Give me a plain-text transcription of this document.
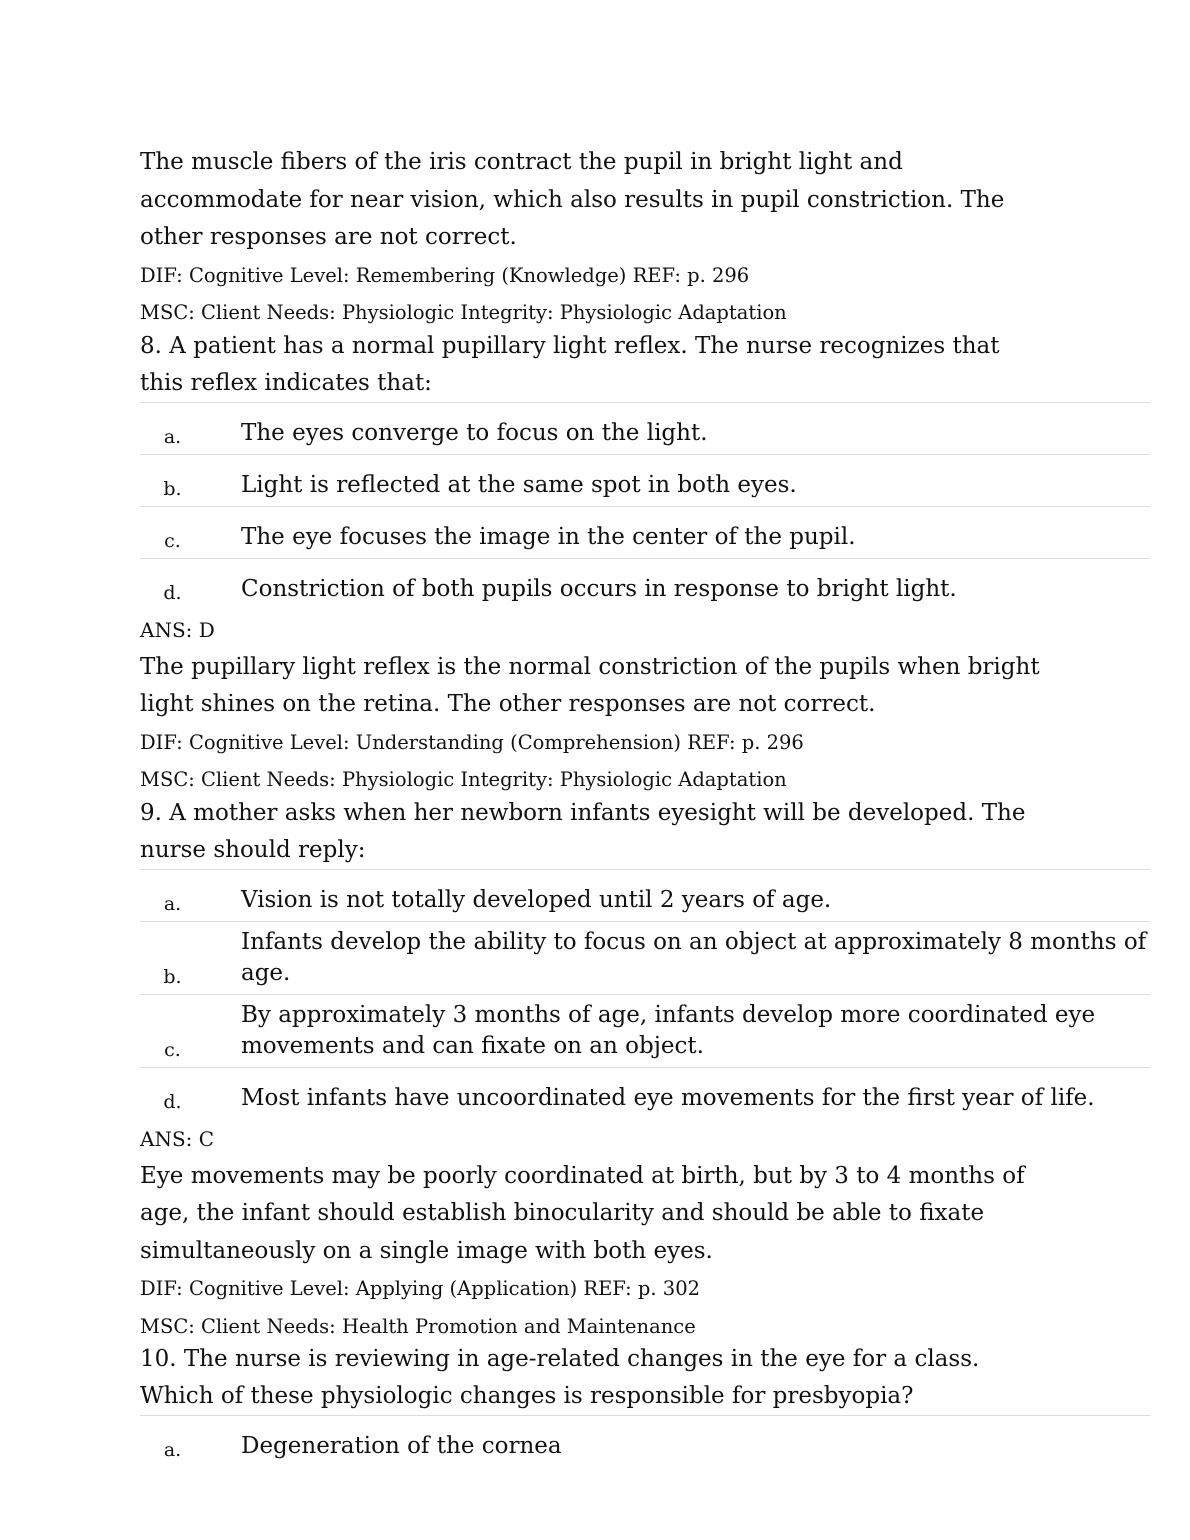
The muscle fibers of the iris contract the pupil in bright light and accommodate for near vision, which also results in pupil constriction. The other responses are not correct.

DIF: Cognitive Level: Remembering (Knowledge) REF: p. 296

MSC: Client Needs: Physiologic Integrity: Physiologic Adaptation

8. A patient has a normal pupillary light reflex. The nurse recognizes that this reflex indicates that:

a.	The eyes converge to focus on the light.
b.	Light is reflected at the same spot in both eyes.
c.	The eye focuses the image in the center of the pupil.
d.	Constriction of both pupils occurs in response to bright light.

ANS: D

The pupillary light reflex is the normal constriction of the pupils when bright light shines on the retina. The other responses are not correct.

DIF: Cognitive Level: Understanding (Comprehension) REF: p. 296

MSC: Client Needs: Physiologic Integrity: Physiologic Adaptation

9. A mother asks when her newborn infants eyesight will be developed. The nurse should reply:

a.	Vision is not totally developed until 2 years of age.
b.	Infants develop the ability to focus on an object at approximately 8 months of age.
c.	By approximately 3 months of age, infants develop more coordinated eye movements and can fixate on an object.
d.	Most infants have uncoordinated eye movements for the first year of life.

ANS: C

Eye movements may be poorly coordinated at birth, but by 3 to 4 months of age, the infant should establish binocularity and should be able to fixate simultaneously on a single image with both eyes.

DIF: Cognitive Level: Applying (Application) REF: p. 302

MSC: Client Needs: Health Promotion and Maintenance

10. The nurse is reviewing in age-related changes in the eye for a class. Which of these physiologic changes is responsible for presbyopia?

a.	Degeneration of the cornea
